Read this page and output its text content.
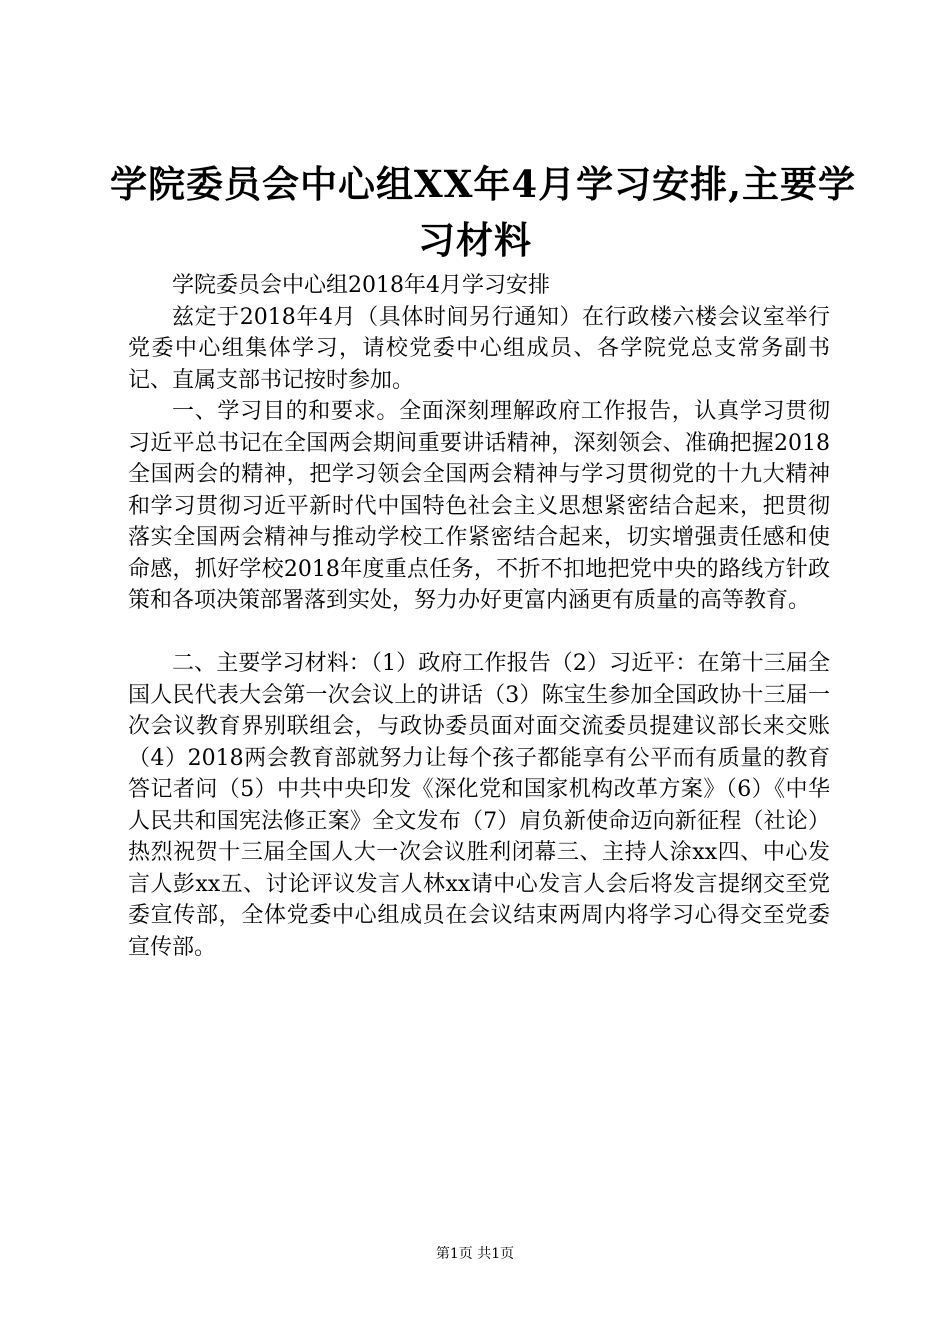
学院委员会中心组XX年4月学习安排,主要学
习材料

学院委员会中心组2018年4月学习安排

兹定于2018年4月（具体时间另行通知）在行政楼六楼会议室举行党委中心组集体学习，请校党委中心组成员、各学院党总支常务副书记、直属支部书记按时参加。

一、学习目的和要求。全面深刻理解政府工作报告，认真学习贯彻习近平总书记在全国两会期间重要讲话精神，深刻领会、准确把握2018全国两会的精神，把学习领会全国两会精神与学习贯彻党的十九大精神和学习贯彻习近平新时代中国特色社会主义思想紧密结合起来，把贯彻落实全国两会精神与推动学校工作紧密结合起来，切实增强责任感和使命感，抓好学校2018年度重点任务，不折不扣地把党中央的路线方针政策和各项决策部署落到实处，努力办好更富内涵更有质量的高等教育。

二、主要学习材料：（1）政府工作报告（2）习近平：在第十三届全国人民代表大会第一次会议上的讲话（3）陈宝生参加全国政协十三届一次会议教育界别联组会，与政协委员面对面交流委员提建议部长来交账（4）2018两会教育部就努力让每个孩子都能享有公平而有质量的教育答记者问（5）中共中央印发《深化党和国家机构改革方案》（6）《中华人民共和国宪法修正案》全文发布（7）肩负新使命迈向新征程（社论）热烈祝贺十三届全国人大一次会议胜利闭幕三、主持人涂xx四、中心发言人彭xx五、讨论评议发言人林xx请中心发言人会后将发言提纲交至党委宣传部，全体党委中心组成员在会议结束两周内将学习心得交至党委宣传部。

第1页 共1页
